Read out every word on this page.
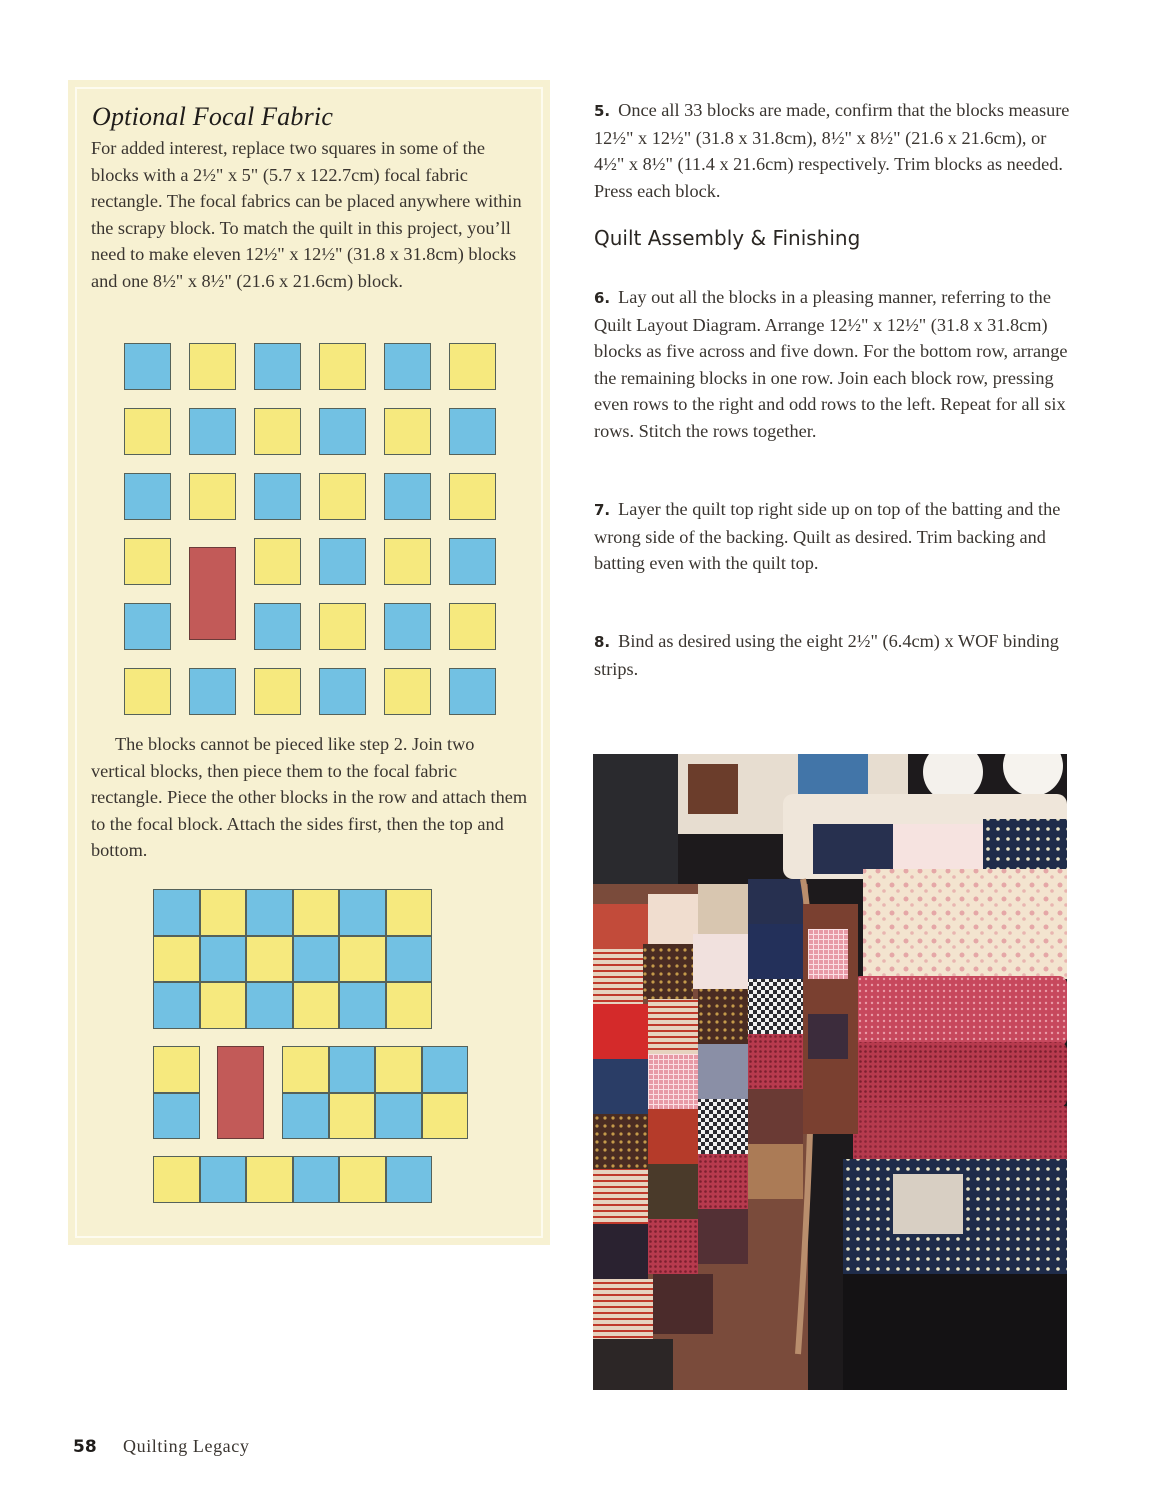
Optional Focal Fabric

For added interest, replace two squares in some of the blocks with a 2½" x 5" (5.7 x 122.7cm) focal fabric rectangle. The focal fabrics can be placed anywhere within the scrapy block. To match the quilt in this project, you’ll need to make eleven 12½" x 12½" (31.8 x 31.8cm) blocks and one 8½" x 8½" (21.6 x 21.6cm) block.

The blocks cannot be pieced like step 2. Join two vertical blocks, then piece them to the focal fabric rectangle. Piece the other blocks in the row and attach them to the focal block. Attach the sides first, then the top and bottom.

5. Once all 33 blocks are made, confirm that the blocks measure 12½" x 12½" (31.8 x 31.8cm), 8½" x 8½" (21.6 x 21.6cm), or 4½" x 8½" (11.4 x 21.6cm) respectively. Trim blocks as needed. Press each block.

Quilt Assembly & Finishing

6. Lay out all the blocks in a pleasing manner, referring to the Quilt Layout Diagram. Arrange 12½" x 12½" (31.8 x 31.8cm) blocks as five across and five down. For the bottom row, arrange the remaining blocks in one row. Join each block row, pressing even rows to the right and odd rows to the left. Repeat for all six rows. Stitch the rows together.

7. Layer the quilt top right side up on top of the batting and the wrong side of the backing. Quilt as desired. Trim backing and batting even with the quilt top.

8. Bind as desired using the eight 2½" (6.4cm) x WOF binding strips.

58 Quilting Legacy
